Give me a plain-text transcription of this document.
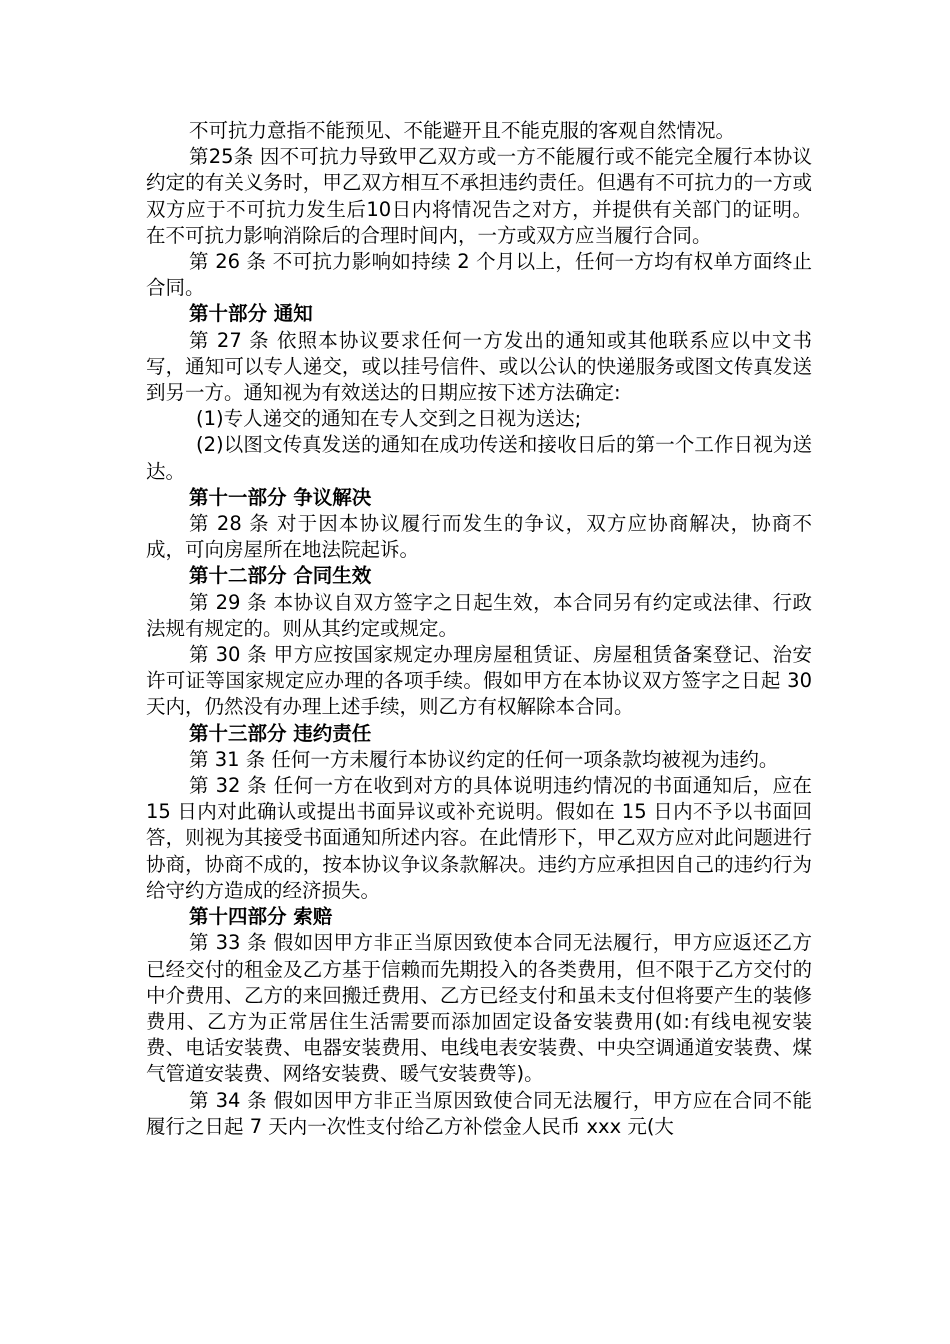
不可抗力意指不能预见、不能避开且不能克服的客观自然情况。

第25条 因不可抗力导致甲乙双方或一方不能履行或不能完全履行本协议约定的有关义务时，甲乙双方相互不承担违约责任。但遇有不可抗力的一方或双方应于不可抗力发生后10日内将情况告之对方，并提供有关部门的证明。在不可抗力影响消除后的合理时间内，一方或双方应当履行合同。

第 26 条 不可抗力影响如持续 2 个月以上，任何一方均有权单方面终止合同。

第十部分 通知

第 27 条 依照本协议要求任何一方发出的通知或其他联系应以中文书写，通知可以专人递交，或以挂号信件、或以公认的快递服务或图文传真发送到另一方。通知视为有效送达的日期应按下述方法确定:

(1)专人递交的通知在专人交到之日视为送达;

(2)以图文传真发送的通知在成功传送和接收日后的第一个工作日视为送达。

第十一部分 争议解决

第 28 条 对于因本协议履行而发生的争议，双方应协商解决，协商不成，可向房屋所在地法院起诉。

第十二部分 合同生效

第 29 条 本协议自双方签字之日起生效，本合同另有约定或法律、行政法规有规定的。则从其约定或规定。

第 30 条 甲方应按国家规定办理房屋租赁证、房屋租赁备案登记、治安许可证等国家规定应办理的各项手续。假如甲方在本协议双方签字之日起 30 天内，仍然没有办理上述手续，则乙方有权解除本合同。

第十三部分 违约责任

第 31 条 任何一方未履行本协议约定的任何一项条款均被视为违约。

第 32 条 任何一方在收到对方的具体说明违约情况的书面通知后，应在 15 日内对此确认或提出书面异议或补充说明。假如在 15 日内不予以书面回答，则视为其接受书面通知所述内容。在此情形下，甲乙双方应对此问题进行协商，协商不成的，按本协议争议条款解决。违约方应承担因自己的违约行为给守约方造成的经济损失。

第十四部分 索赔

第 33 条 假如因甲方非正当原因致使本合同无法履行，甲方应返还乙方已经交付的租金及乙方基于信赖而先期投入的各类费用，但不限于乙方交付的中介费用、乙方的来回搬迁费用、乙方已经支付和虽未支付但将要产生的装修费用、乙方为正常居住生活需要而添加固定设备安装费用(如:有线电视安装费、电话安装费、电器安装费用、电线电表安装费、中央空调通道安装费、煤气管道安装费、网络安装费、暖气安装费等)。

第 34 条 假如因甲方非正当原因致使合同无法履行，甲方应在合同不能履行之日起 7 天内一次性支付给乙方补偿金人民币 xxx 元(大
